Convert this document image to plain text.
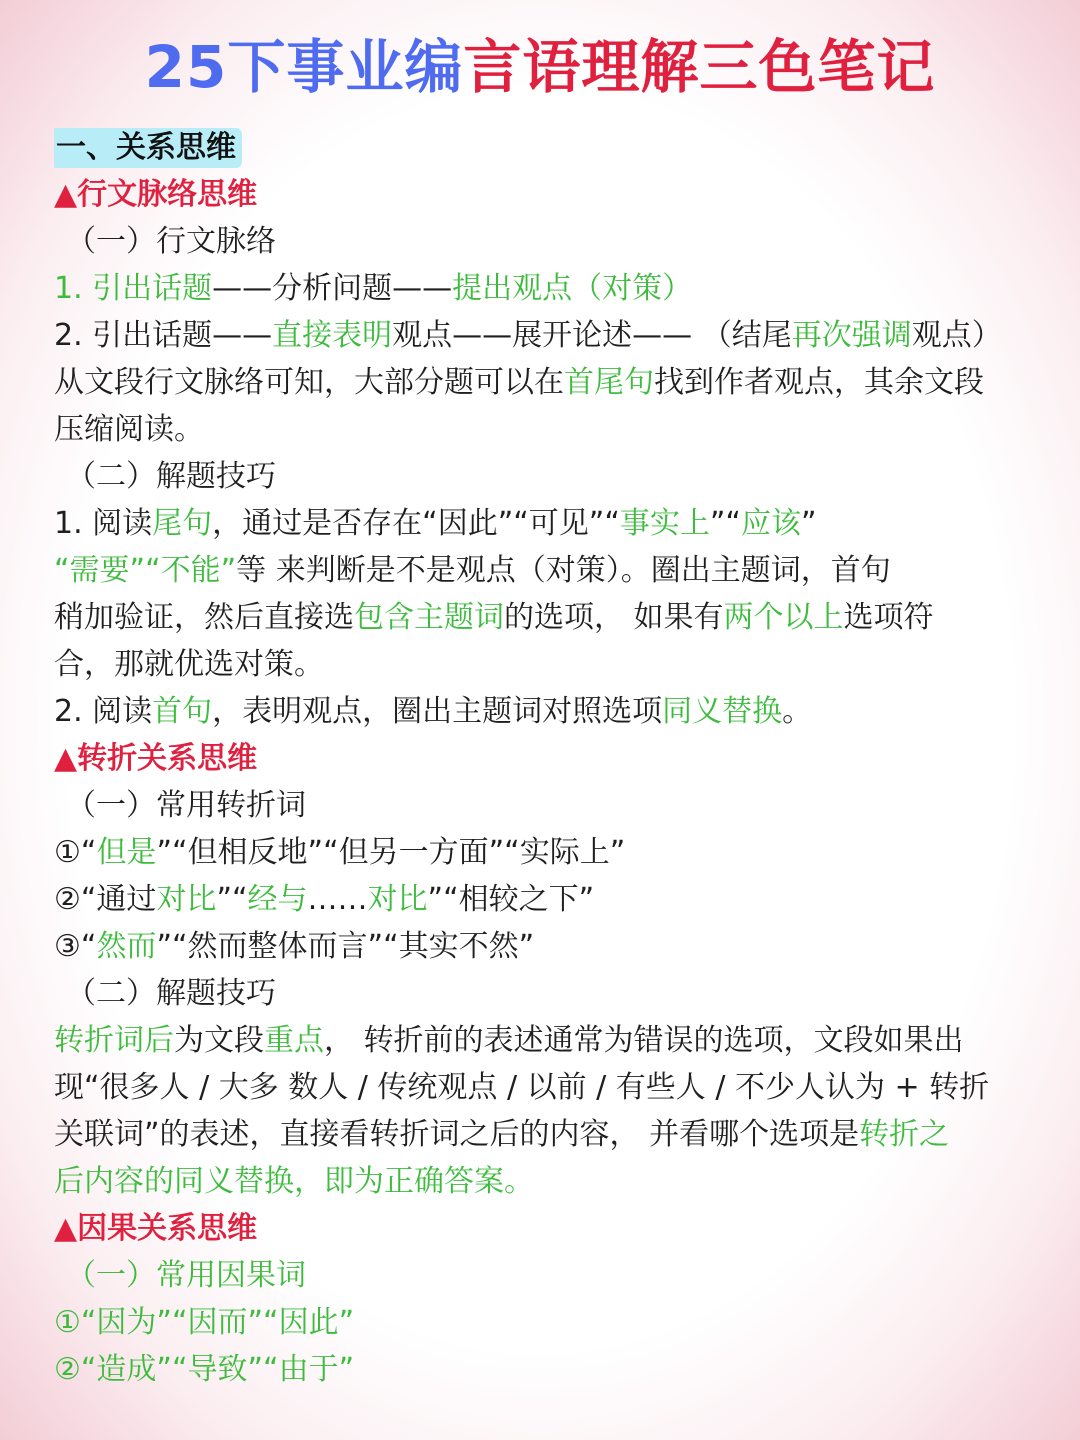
25下事业编言语理解三色笔记
一、关系思维
▲行文脉络思维
（一）行文脉络
1. 引出话题——分析问题——提出观点（对策）
2. 引出话题——直接表明观点——展开论述—— （结尾再次强调观点）
从文段行文脉络可知，大部分题可以在首尾句找到作者观点，其余文段
压缩阅读。
（二）解题技巧
1. 阅读尾句，通过是否存在“因此”“可见”“事实上”“应该”
“需要”“不能”等 来判断是不是观点（对策）。圈出主题词，首句
稍加验证，然后直接选包含主题词的选项， 如果有两个以上选项符
合，那就优选对策。
2. 阅读首句，表明观点，圈出主题词对照选项同义替换。
▲转折关系思维
（一）常用转折词
①“但是”“但相反地”“但另一方面”“实际上”
②“通过对比”“经与……对比”“相较之下”
③“然而”“然而整体而言”“其实不然”
（二）解题技巧
转折词后为文段重点， 转折前的表述通常为错误的选项，文段如果出
现“很多人 / 大多 数人 / 传统观点 / 以前 / 有些人 / 不少人认为 + 转折
关联词”的表述，直接看转折词之后的内容， 并看哪个选项是转折之
后内容的同义替换，即为正确答案。
▲因果关系思维
（一）常用因果词
①“因为”“因而”“因此”
②“造成”“导致”“由于”
